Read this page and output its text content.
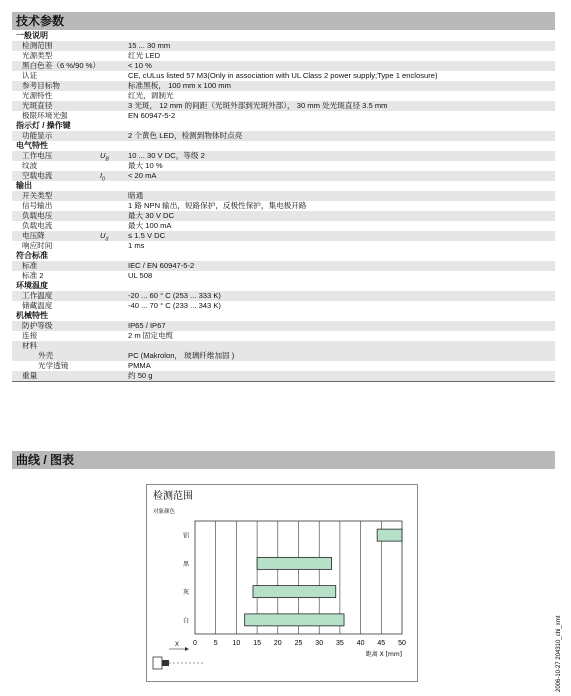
技术参数
一般说明
检测范围	15 ... 30 mm
光源类型	红光 LED
黑白色差（6 %/90 %）	< 10 %
认证	CE, cULus listed 57 M3(Only in association with UL Class 2 power supply;Type 1 enclosure)
参考目标物	标准黑板， 100 mm x 100 mm
光源特性	红光，调制光
光斑直径	3 光斑， 12 mm 的间距（光斑外部到光斑外部）， 30 mm 处光斑直径 3.5 mm
极限环境光强	EN 60947-5-2
指示灯 / 操作键
功能显示	2 个黄色 LED，检测到物体时点亮
电气特性
工作电压	$U_B$	10 ... 30 V DC，等级 2
纹波	最大 10 %
空载电流	$I_0$	< 20 mA
输出
开关类型	暗通
信号输出	1 路 NPN 输出，短路保护，反极性保护，集电极开路
负载电压	最大 30 V DC
负载电流	最大 100 mA
电压降	$U_d$	≤ 1.5 V DC
响应时间	1 ms
符合标准
标准	IEC / EN 60947-5-2
标准 2	UL 508
环境温度
工作温度	-20 ... 60 ° C (253 ... 333 K)
储藏温度	-40 ... 70 ° C (233 ... 343 K)
机械特性
防护等级	IP65 / IP67
连接	2 m 固定电缆
材料
外壳	PC (Makrolon， 玻璃纤维加固 )
光学透镜	PMMA
重量	约 50 g
曲线 / 图表
检测范围
对象颜色
铝
黑
灰
白
0 5 10 15 20 25 30 35 40 45 50
距离 X [mm]
X	2006-10-27 204310_chi_xmt
